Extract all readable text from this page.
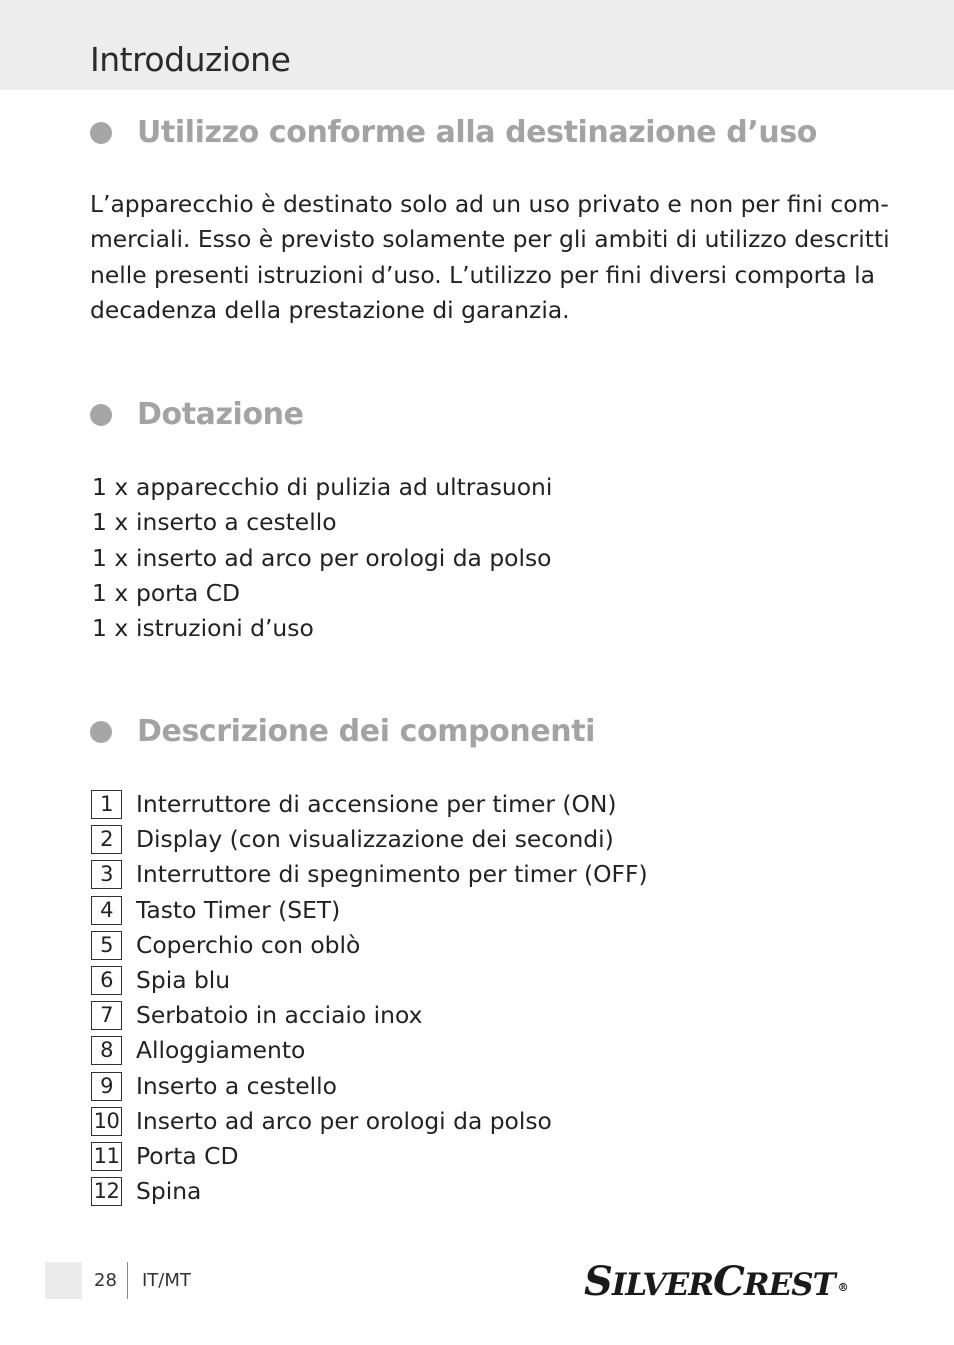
Introduzione
Utilizzo conforme alla destinazione d’uso

L’apparecchio è destinato solo ad un uso privato e non per fini com-
merciali. Esso è previsto solamente per gli ambiti di utilizzo descritti
nelle presenti istruzioni d’uso. L’utilizzo per fini diversi comporta la
decadenza della prestazione di garanzia.

Dotazione
1 x apparecchio di pulizia ad ultrasuoni
1 x inserto a cestello
1 x inserto ad arco per orologi da polso
1 x porta CD
1 x istruzioni d’uso
Descrizione dei componenti
1 Interruttore di accensione per timer (ON)
2 Display (con visualizzazione dei secondi)
3 Interruttore di spegnimento per timer (OFF)
4 Tasto Timer (SET)
5 Coperchio con oblò
6 Spia blu
7 Serbatoio in acciaio inox
8 Alloggiamento
9 Inserto a cestello
10 Inserto ad arco per orologi da polso
11 Porta CD
12 Spina
28 IT/MT	SILVERCREST ®
